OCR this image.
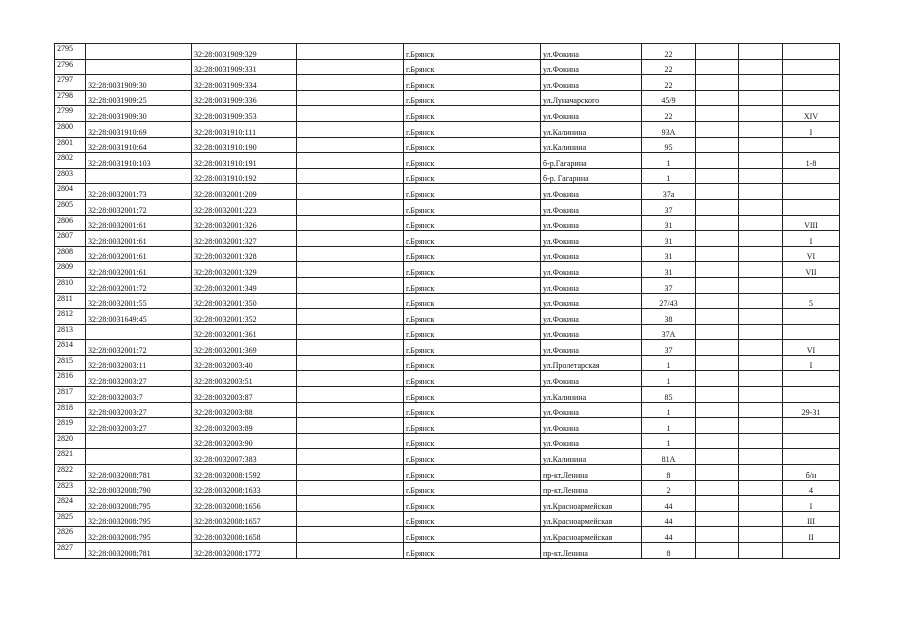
2795		32:28:0031909:329		г.Брянск	ул.Фокина	22			
2796		32:28:0031909:331		г.Брянск	ул.Фокина	22			
2797	32:28:0031909:30	32:28:0031909:334		г.Брянск	ул.Фокина	22			
2798	32:28:0031909:25	32:28:0031909:336		г.Брянск	ул.Луначарского	45/9			
2799	32:28:0031909:30	32:28:0031909:353		г.Брянск	ул.Фокина	22			XIV
2800	32:28:0031910:69	32:28:0031910:111		г.Брянск	ул.Калинина	93А			I
2801	32:28:0031910:64	32:28:0031910:190		г.Брянск	ул.Калинина	95			
2802	32:28:0031910:103	32:28:0031910:191		г.Брянск	б-р.Гагарина	1			1-8
2803		32:28:0031910:192		г.Брянск	б-р. Гагарина	1			
2804	32:28:0032001:73	32:28:0032001:209		г.Брянск	ул.Фокина	37а			
2805	32:28:0032001:72	32:28:0032001:223		г.Брянск	ул.Фокина	37			
2806	32:28:0032001:61	32:28:0032001:326		г.Брянск	ул.Фокина	31			VIII
2807	32:28:0032001:61	32:28:0032001:327		г.Брянск	ул.Фокина	31			I
2808	32:28:0032001:61	32:28:0032001:328		г.Брянск	ул.Фокина	31			VI
2809	32:28:0032001:61	32:28:0032001:329		г.Брянск	ул.Фокина	31			VII
2810	32:28:0032001:72	32:28:0032001:349		г.Брянск	ул.Фокина	37			
2811	32:28:0032001:55	32:28:0032001:350		г.Брянск	ул.Фокина	27/43			5
2812	32:28:0031649:45	32:28:0032001:352		г.Брянск	ул.Фокина	38			
2813		32:28:0032001:361		г.Брянск	ул.Фокина	37А			
2814	32:28:0032001:72	32:28:0032001:369		г.Брянск	ул.Фокина	37			VI
2815	32:28:0032003:11	32:28:0032003:40		г.Брянск	ул.Пролетарская	1			I
2816	32:28:0032003:27	32:28:0032003:51		г.Брянск	ул.Фокина	1			
2817	32:28:0032003:7	32:28:0032003:87		г.Брянск	ул.Калинина	85			
2818	32:28:0032003:27	32:28:0032003:88		г.Брянск	ул.Фокина	1			29-31
2819	32:28:0032003:27	32:28:0032003:89		г.Брянск	ул.Фокина	1			
2820		32:28:0032003:90		г.Брянск	ул.Фокина	1			
2821		32:28:0032007:383		г.Брянск	ул.Калинина	81А			
2822	32:28:0032008:781	32:28:0032008:1592		г.Брянск	пр-кт.Ленина	8			б/н
2823	32:28:0032008:790	32:28:0032008:1633		г.Брянск	пр-кт.Ленина	2			4
2824	32:28:0032008:795	32:28:0032008:1656		г.Брянск	ул.Красноармейская	44			I
2825	32:28:0032008:795	32:28:0032008:1657		г.Брянск	ул.Красноармейская	44			III
2826	32:28:0032008:795	32:28:0032008:1658		г.Брянск	ул.Красноармейская	44			II
2827	32:28:0032008:781	32:28:0032008:1772		г.Брянск	пр-кт.Ленина	8			
